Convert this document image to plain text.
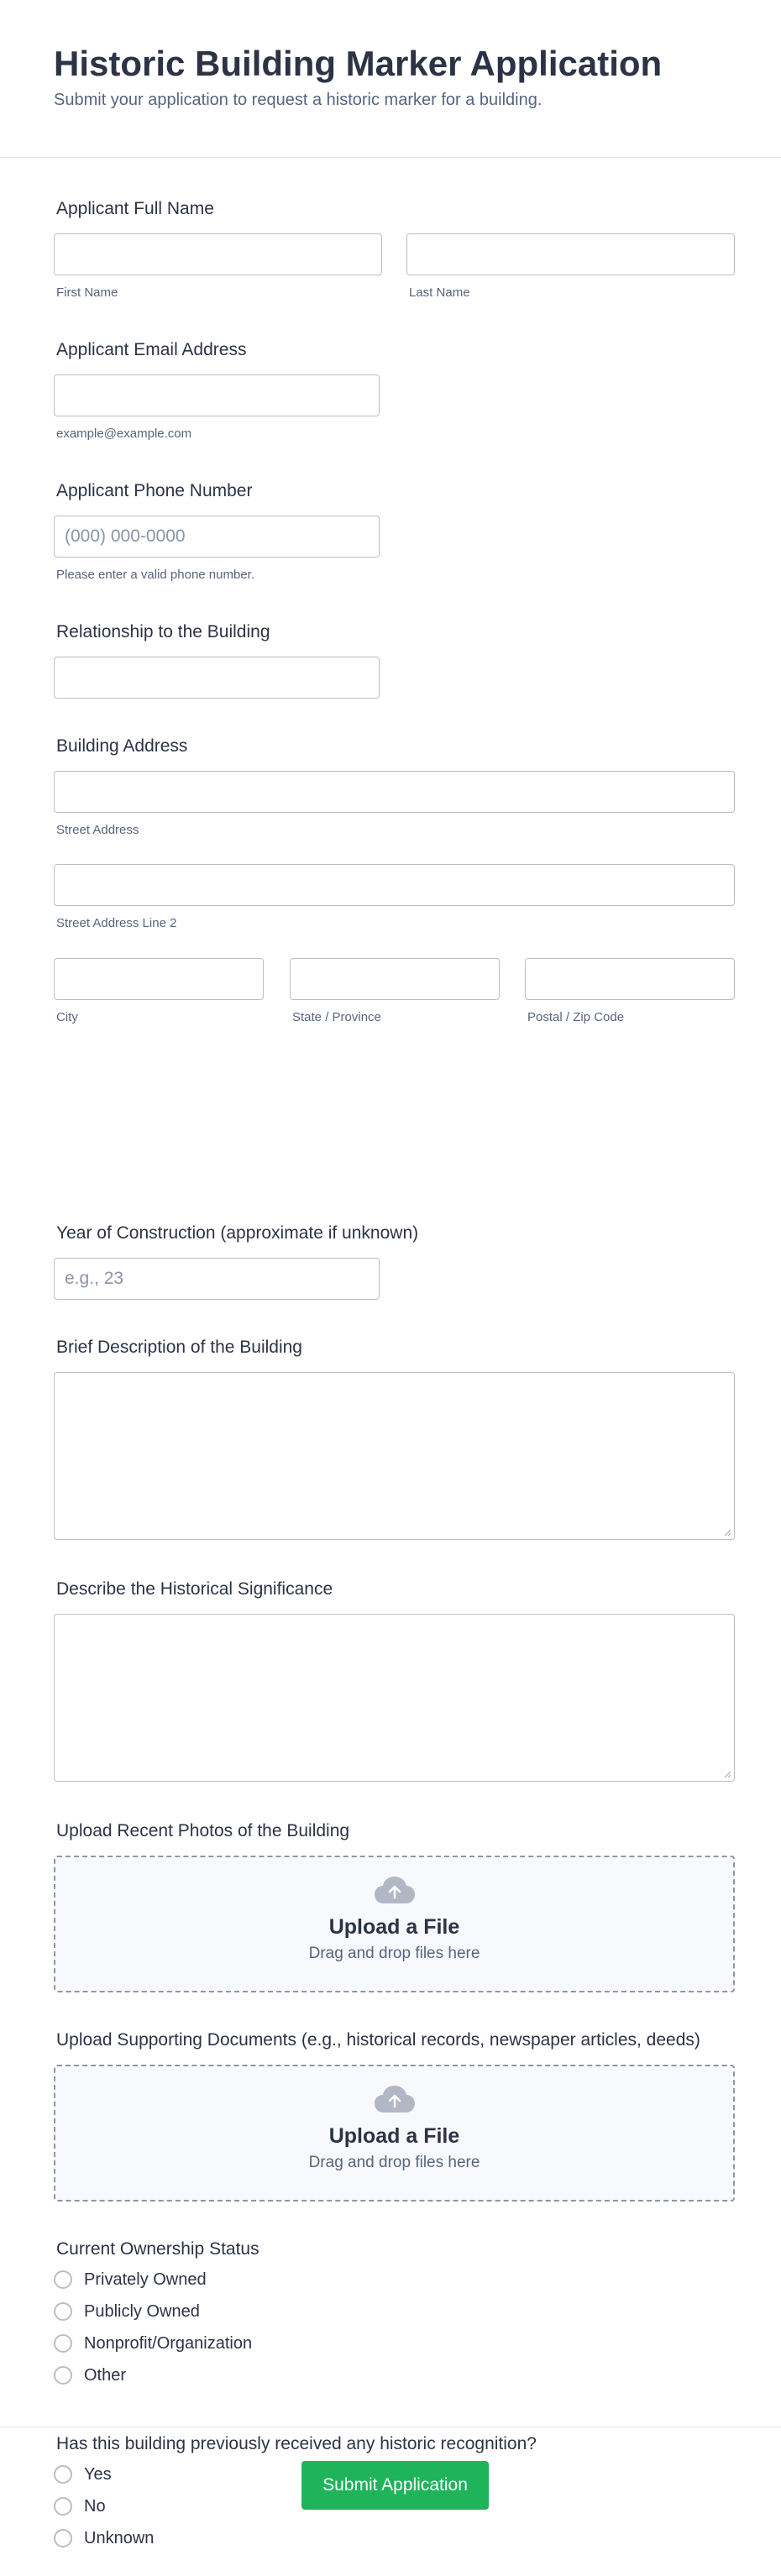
Historic Building Marker Application
Submit your application to request a historic marker for a building.
Applicant Full Name
First Name	Last Name
Applicant Email Address
example@example.com
Applicant Phone Number
(000) 000-0000
Please enter a valid phone number.
Relationship to the Building
Building Address
Street Address
Street Address Line 2
City	State / Province	Postal / Zip Code
Year of Construction (approximate if unknown)
e.g., 23
Brief Description of the Building
Describe the Historical Significance
Upload Recent Photos of the Building
Upload a File
Drag and drop files here
Upload Supporting Documents (e.g., historical records, newspaper articles, deeds)
Upload a File
Drag and drop files here
Current Ownership Status
Privately Owned
Publicly Owned
Nonprofit/Organization
Other
Has this building previously received any historic recognition?
Yes
No
Unknown
Submit Application
